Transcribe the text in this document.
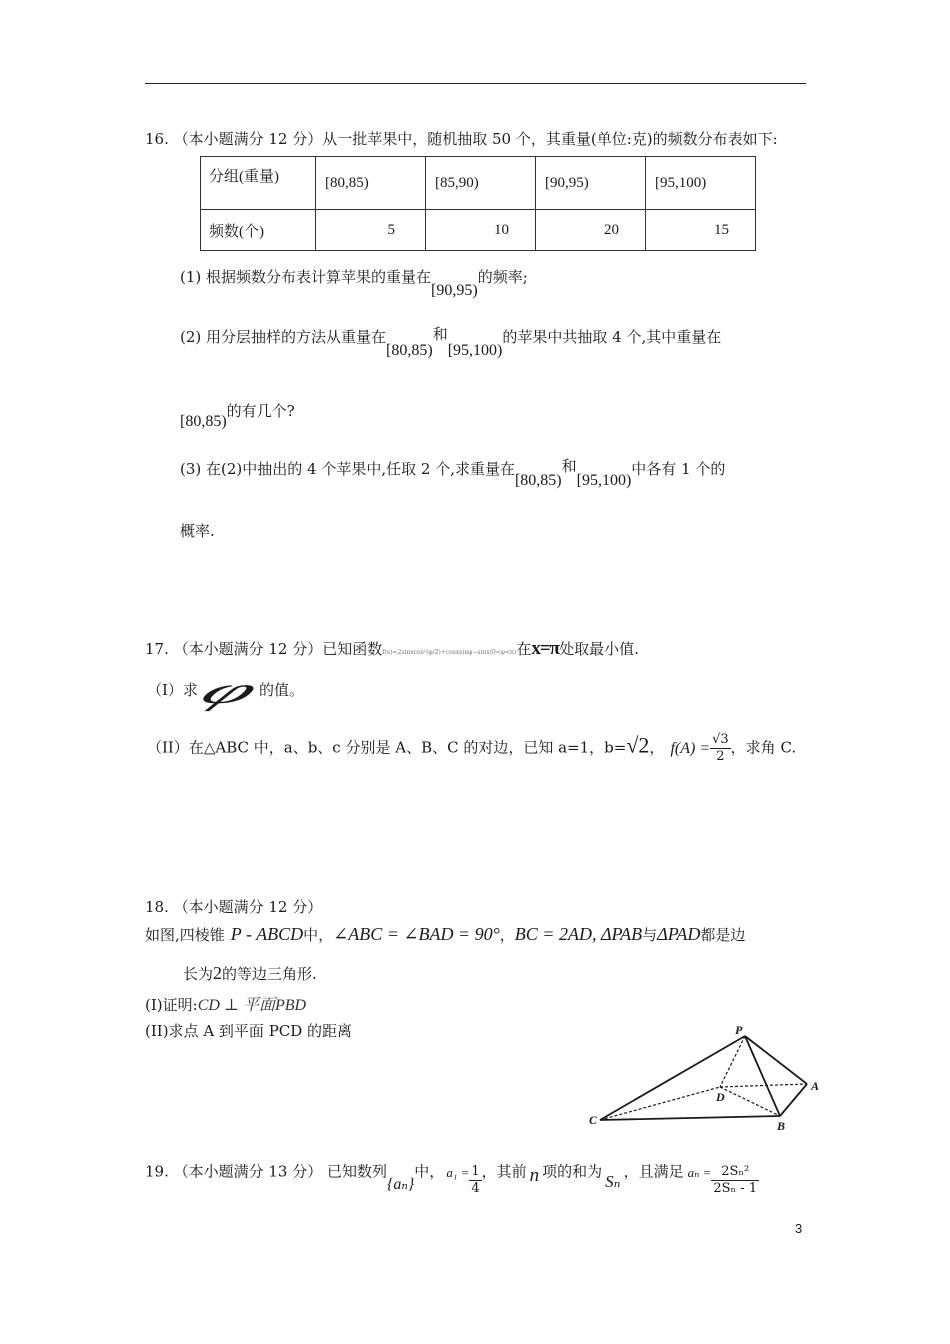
16. （本小题满分 12 分）从一批苹果中，随机抽取 50 个，其重量(单位:克)的频数分布表如下:
分组(重量)	[80,85)	[85,90)	[90,95)	[95,100)
频数(个)	5	10	20	15
(1) 根据频数分布表计算苹果的重量在[90,95)的频率;
(2) 用分层抽样的方法从重量在[80,85)和[95,100)的苹果中共抽取 4 个,其中重量在
[80,85)的有几个?
(3) 在(2)中抽出的 4 个苹果中,任取 2 个,求重量在[80,85)和[95,100)中各有 1 个的
概率.
17. （本小题满分 12 分）已知函数f(x)=2sinxcos²(φ/2)+cosxsinφ−sinx(0<φ<π)在x=π处取最小值.
（I）求φ的值。
（II）在△ABC 中，a、b、c 分别是 A、B、C 的对边，已知 a=1，b=√2， $f(A) = \frac{√3}{2}$ ，求角 C.
18. （本小题满分 12 分）
如图,四棱锥 P - ABCD中，∠ABC = ∠BAD = 90°，BC = 2AD, ΔPAB与ΔPAD都是边
长为2的等边三角形.
(I)证明:CD ⊥ 平面PBD
(II)求点 A 到平面 PCD 的距离	P
A
B
C
D
19. （本小题满分 13 分） 已知数列{aₙ}中， $a_1 = \frac{1}{4}$ ，其前 n 项的和为 Sₙ ，且满足 $a_n = \frac{\text{2Sₙ²}}{\text{2Sₙ - 1}}$
3
